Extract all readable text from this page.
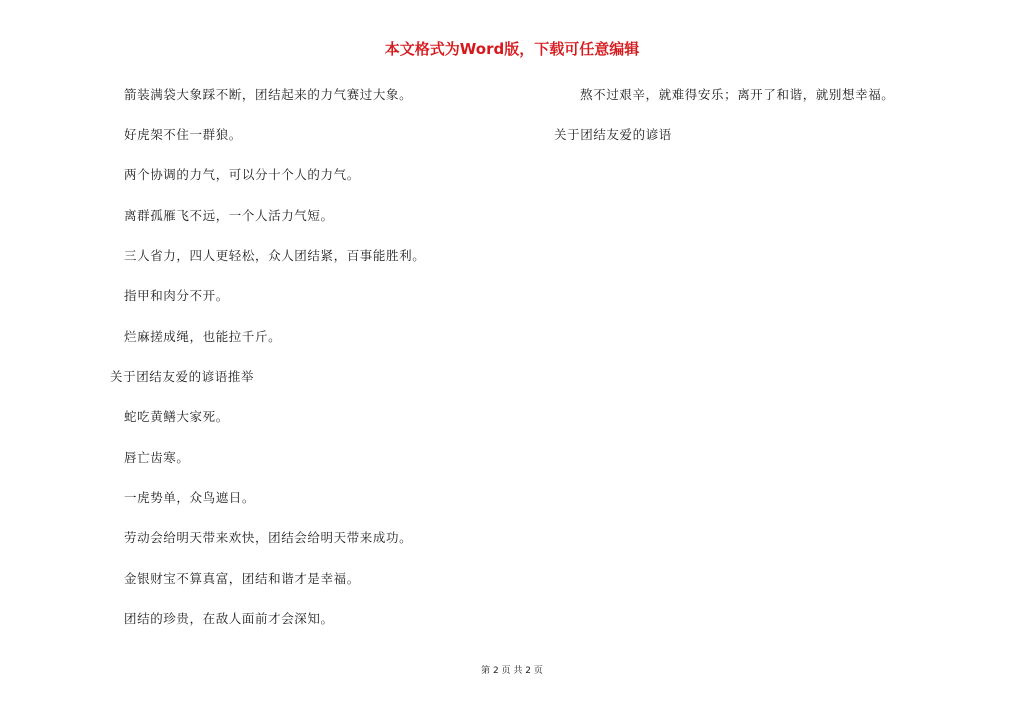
本文格式为Word版，下载可任意编辑
箭装满袋大象踩不断，团结起来的力气赛过大象。
好虎架不住一群狼。
两个协调的力气，可以分十个人的力气。
离群孤雁飞不远，一个人活力气短。
三人省力，四人更轻松，众人团结紧，百事能胜利。
指甲和肉分不开。
烂麻搓成绳，也能拉千斤。
关于团结友爱的谚语推举
蛇吃黄鳝大家死。
唇亡齿寒。
一虎势单，众鸟遮日。
劳动会给明天带来欢快，团结会给明天带来成功。
金银财宝不算真富，团结和谐才是幸福。
团结的珍贵，在敌人面前才会深知。
熬不过艰辛，就难得安乐；离开了和谐，就别想幸福。
关于团结友爱的谚语
第 2 页 共 2 页
